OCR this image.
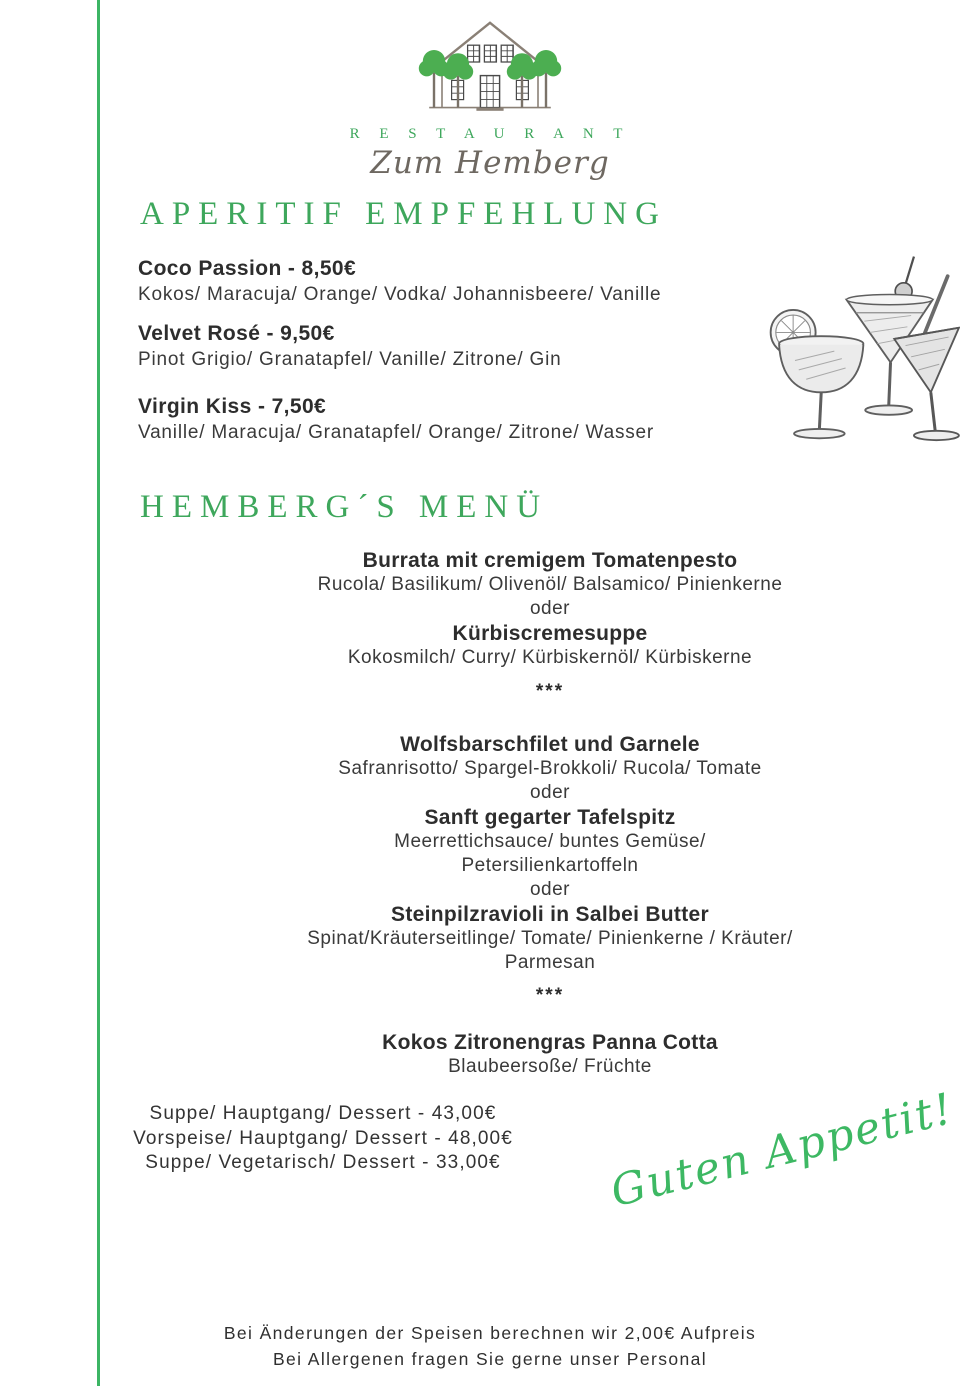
R E S T A U R A N T
Zum Hemberg
APERITIF EMPFEHLUNG
Coco Passion - 8,50€
Kokos/ Maracuja/ Orange/ Vodka/ Johannisbeere/ Vanille
Velvet Rosé - 9,50€
Pinot Grigio/ Granatapfel/ Vanille/ Zitrone/ Gin
Virgin Kiss - 7,50€
Vanille/ Maracuja/ Granatapfel/ Orange/ Zitrone/ Wasser
HEMBERG´S MENÜ
Burrata mit cremigem Tomatenpesto
Rucola/ Basilikum/ Olivenöl/ Balsamico/ Pinienkerne
oder
Kürbiscremesuppe
Kokosmilch/ Curry/ Kürbiskernöl/ Kürbiskerne
***
Wolfsbarschfilet und Garnele
Safranrisotto/ Spargel-Brokkoli/ Rucola/ Tomate
oder
Sanft gegarter Tafelspitz
Meerrettichsauce/ buntes Gemüse/ Petersilienkartoffeln
oder
Steinpilzravioli in Salbei Butter
Spinat/Kräuterseitlinge/ Tomate/ Pinienkerne / Kräuter/ Parmesan
***
Kokos Zitronengras Panna Cotta
Blaubeersoße/ Früchte
Suppe/ Hauptgang/ Dessert - 43,00€
Vorspeise/ Hauptgang/ Dessert - 48,00€
Suppe/ Vegetarisch/ Dessert - 33,00€	Guten Appetit!
Bei Änderungen der Speisen berechnen wir 2,00€ Aufpreis
Bei Allergenen fragen Sie gerne unser Personal
